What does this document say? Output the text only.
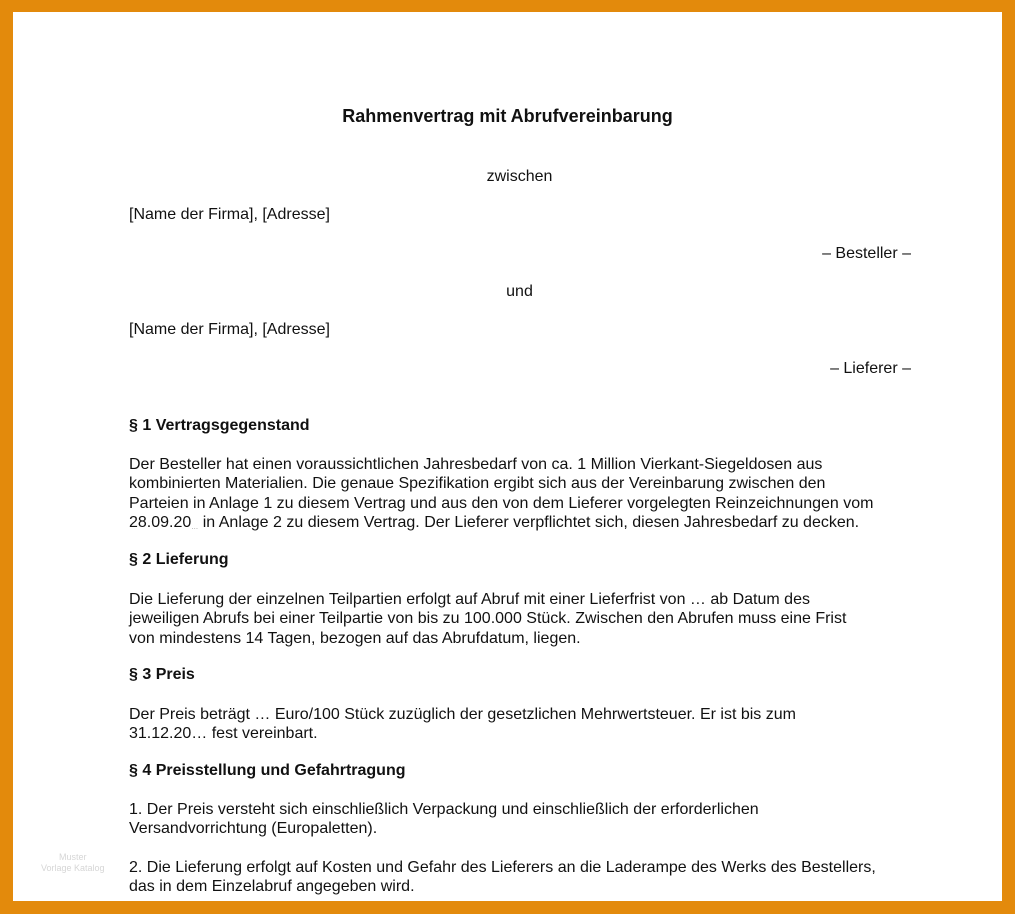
Rahmenvertrag mit Abrufvereinbarung
zwischen
[Name der Firma], [Adresse]
– Besteller –
und
[Name der Firma], [Adresse]
– Lieferer –
§ 1 Vertragsgegenstand
Der Besteller hat einen voraussichtlichen Jahresbedarf von ca. 1 Million Vierkant-Siegeldosen aus
kombinierten Materialien. Die genaue Spezifikation ergibt sich aus der Vereinbarung zwischen den
Parteien in Anlage 1 zu diesem Vertrag und aus den von dem Lieferer vorgelegten Reinzeichnungen vom
$28.09.20_\dots$ in Anlage 2 zu diesem Vertrag. Der Lieferer verpflichtet sich, diesen Jahresbedarf zu decken.
§ 2 Lieferung
Die Lieferung der einzelnen Teilpartien erfolgt auf Abruf mit einer Lieferfrist von … ab Datum des
jeweiligen Abrufs bei einer Teilpartie von bis zu 100.000 Stück. Zwischen den Abrufen muss eine Frist
von mindestens 14 Tagen, bezogen auf das Abrufdatum, liegen.
§ 3 Preis
Der Preis beträgt … Euro/100 Stück zuzüglich der gesetzlichen Mehrwertsteuer. Er ist bis zum
31.12.20… fest vereinbart.
§ 4 Preisstellung und Gefahrtragung
1. Der Preis versteht sich einschließlich Verpackung und einschließlich der erforderlichen
Versandvorrichtung (Europaletten).
2. Die Lieferung erfolgt auf Kosten und Gefahr des Lieferers an die Laderampe des Werks des Bestellers,
das in dem Einzelabruf angegeben wird.
Muster
Vorlage Katalog
